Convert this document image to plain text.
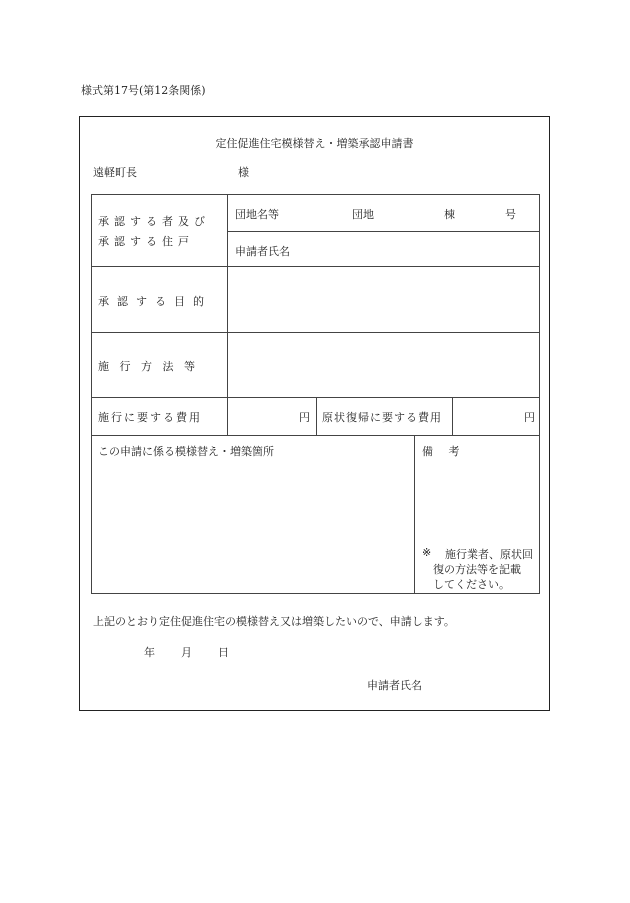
様式第17号(第12条関係)
定住促進住宅模様替え・増築承認申請書
遠軽町長	様
承認する者及び
承認する住戸
団地名等	団地	棟	号
申請者氏名
承認する目的
施行方法等
施行に要する費用	円 原状復帰に要する費用	円
この申請に係る模様替え・増築箇所	備 考
※ 施行業者、原状回
復の方法等を記載
してください。
上記のとおり定住促進住宅の模様替え又は増築したいので、申請します。
年 月 日
申請者氏名
